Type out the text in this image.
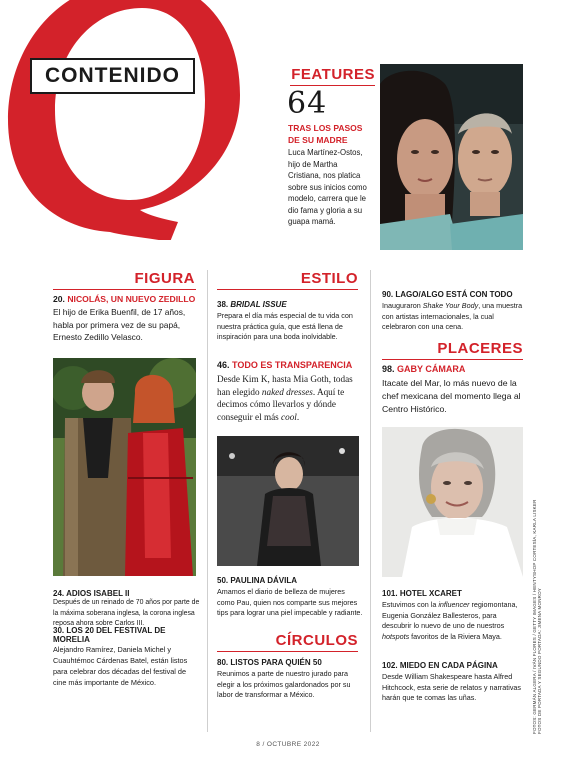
CONTENIDO	FEATURES
64
TRAS LOS PASOS
DE SU MADRE
Luca Martínez-Ostos, hijo de Martha Cristiana, nos platica sobre sus inicios como modelo, carrera que le dio fama y gloria a su guapa mamá.
FIGURA
20. NICOLÁS, UN NUEVO ZEDILLO
El hijo de Erika Buenfil, de 17 años, habla por primera vez de su papá, Ernesto Zedillo Velasco.
24. ADIOS ISABEL II
Después de un reinado de 70 años por parte de la máxima soberana inglesa, la corona inglesa reposa ahora sobre Carlos III.
30. LOS 20 DEL FESTIVAL DE MORELIA
Alejandro Ramírez, Daniela Michel y Cuauhtémoc Cárdenas Batel, están listos para celebrar dos décadas del festival de cine más importante de México.
ESTILO
38. BRIDAL ISSUE
Prepara el día más especial de tu vida con nuestra práctica guía, que está llena de inspiración para una boda inolvidable.
46. TODO ES TRANSPARENCIA
Desde Kim K, hasta Mia Goth, todas han elegido naked dresses. Aquí te decimos cómo llevarlos y dónde conseguir el más cool.
50. PAULINA DÁVILA
Amamos el diario de belleza de mujeres como Pau, quien nos comparte sus mejores tips para lograr una piel impecable y radiante.
CÍRCULOS
80. LISTOS PARA QUIÉN 50
Reunimos a parte de nuestro jurado para elegir a los próximos galardonados por su labor de transformar a México.
90. LAGO/ALGO ESTÁ CON TODO
Inauguraron Shake Your Body, una muestra con artistas internacionales, la cual celebraron con una cena.
PLACERES
98. GABY CÁMARA
Itacate del Mar, lo más nuevo de la chef mexicana del momento llega al Centro Histórico.
101. HOTEL XCARET
Estuvimos con la influencer regiomontana, Eugenia González Ballesteros, para descubrir lo nuevo de uno de nuestros hotspots favoritos de la Riviera Maya.
102. MIEDO EN CADA PÁGINA
Desde William Shakespeare hasta Alfred Hitchcock, esta serie de relatos y narrativas harán que te comas las uñas.	FOTOS: GERMÁN ALGERA / IVÁN FLORES / GETTY IMAGES / HENTYSHOP CORTESÍA, KARLA LISKER FOTOS DE PORTADA Y SEGUNDO PORTADA: JIMENA MONROY
8 / OCTUBRE 2022
